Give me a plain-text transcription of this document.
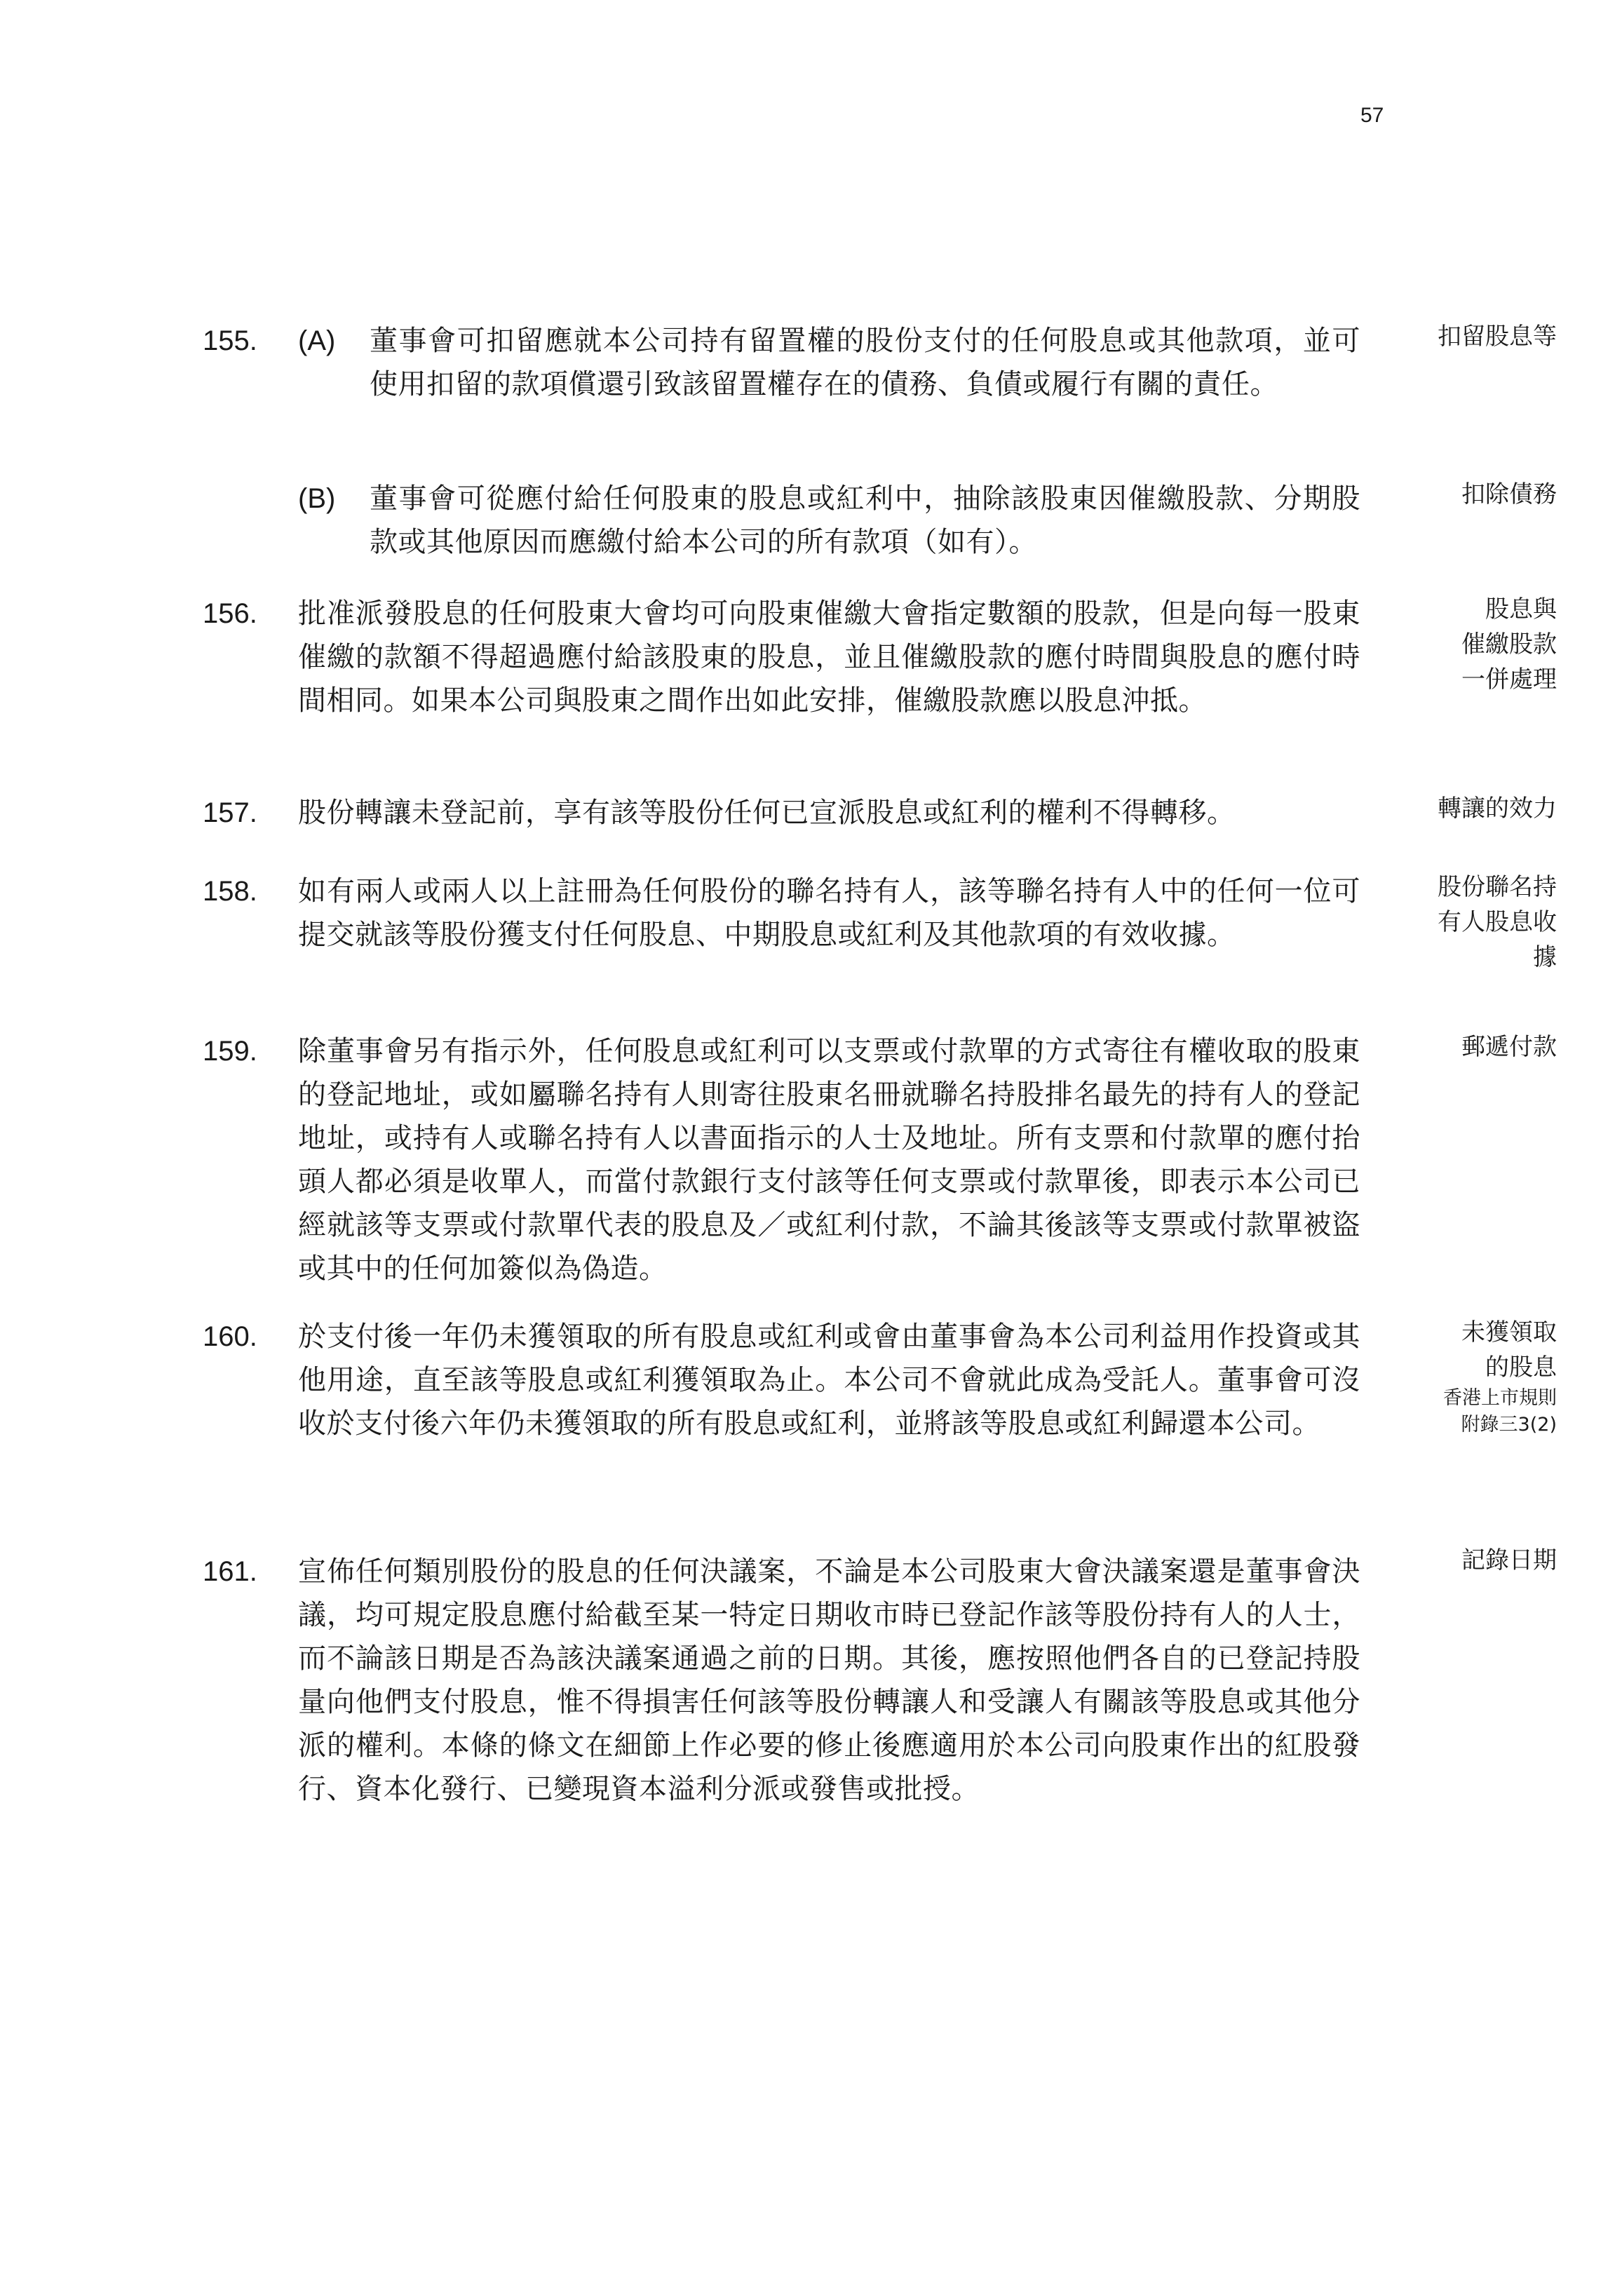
57
155. (A) 董事會可扣留應就本公司持有留置權的股份支付的任何股息或其他款項，並可使用扣留的款項償還引致該留置權存在的債務、負債或履行有關的責任。
扣留股息等
(B) 董事會可從應付給任何股東的股息或紅利中，抽除該股東因催繳股款、分期股款或其他原因而應繳付給本公司的所有款項（如有）。
扣除債務
156. 批准派發股息的任何股東大會均可向股東催繳大會指定數額的股款，但是向每一股東催繳的款額不得超過應付給該股東的股息，並且催繳股款的應付時間與股息的應付時間相同。如果本公司與股東之間作出如此安排，催繳股款應以股息沖抵。
股息與
催繳股款
一併處理
157. 股份轉讓未登記前，享有該等股份任何已宣派股息或紅利的權利不得轉移。	轉讓的效力
158. 如有兩人或兩人以上註冊為任何股份的聯名持有人，該等聯名持有人中的任何一位可提交就該等股份獲支付任何股息、中期股息或紅利及其他款項的有效收據。
股份聯名持
有人股息收
據
159. 除董事會另有指示外，任何股息或紅利可以支票或付款單的方式寄往有權收取的股東的登記地址，或如屬聯名持有人則寄往股東名冊就聯名持股排名最先的持有人的登記地址，或持有人或聯名持有人以書面指示的人士及地址。所有支票和付款單的應付抬頭人都必須是收單人，而當付款銀行支付該等任何支票或付款單後，即表示本公司已經就該等支票或付款單代表的股息及／或紅利付款，不論其後該等支票或付款單被盜或其中的任何加簽似為偽造。
郵遞付款
160. 於支付後一年仍未獲領取的所有股息或紅利或會由董事會為本公司利益用作投資或其他用途，直至該等股息或紅利獲領取為止。本公司不會就此成為受託人。董事會可沒收於支付後六年仍未獲領取的所有股息或紅利，並將該等股息或紅利歸還本公司。
未獲領取
的股息
香港上市規則
附錄三3(2)
161. 宣佈任何類別股份的股息的任何決議案，不論是本公司股東大會決議案還是董事會決議，均可規定股息應付給截至某一特定日期收市時已登記作該等股份持有人的人士，而不論該日期是否為該決議案通過之前的日期。其後，應按照他們各自的已登記持股量向他們支付股息，惟不得損害任何該等股份轉讓人和受讓人有關該等股息或其他分派的權利。本條的條文在細節上作必要的修止後應適用於本公司向股東作出的紅股發行、資本化發行、已變現資本溢利分派或發售或批授。
記錄日期
